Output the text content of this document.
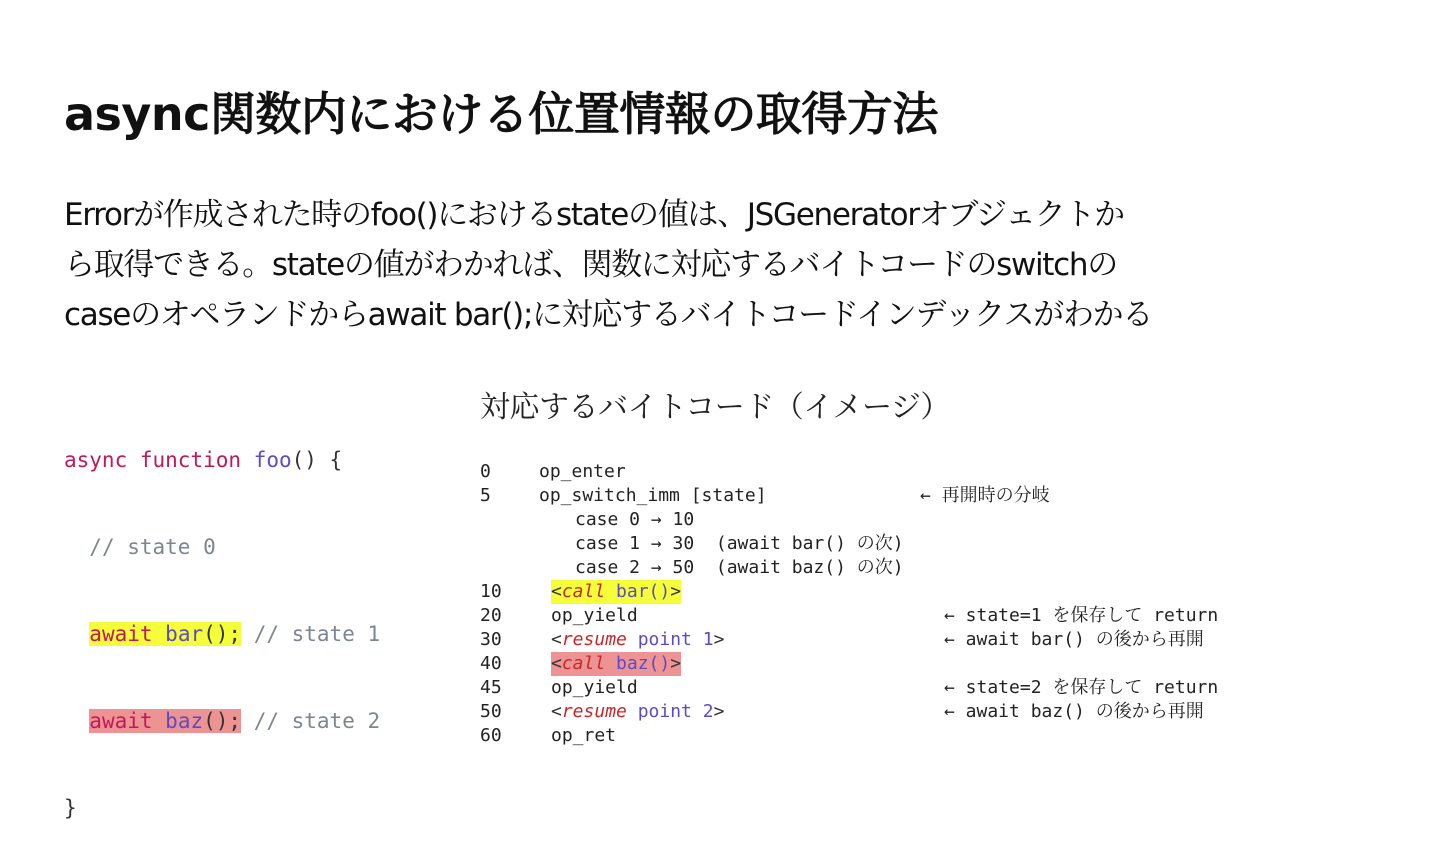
async関数内における位置情報の取得方法
Errorが作成された時のfoo()におけるstateの値は、JSGeneratorオブジェクトか
ら取得できる。stateの値がわかれば、関数に対応するバイトコードのswitchの
caseのオペランドからawait bar();に対応するバイトコードインデックスがわかる

async function foo() {

// state 0

await bar(); // state 1

await baz(); // state 2

}

対応するバイトコード（イメージ）
0	op_enter
5	op_switch_imm [state]	← 再開時の分岐
case 0 → 10
case 1 → 30  (await bar() の次)
case 2 → 50  (await baz() の次)
10	<call bar()>
20	op_yield	← state=1 を保存して return
30	<resume point 1>	← await bar() の後から再開
40	<call baz()>
45	op_yield	← state=2 を保存して return
50	<resume point 2>	← await baz() の後から再開
60	op_ret
